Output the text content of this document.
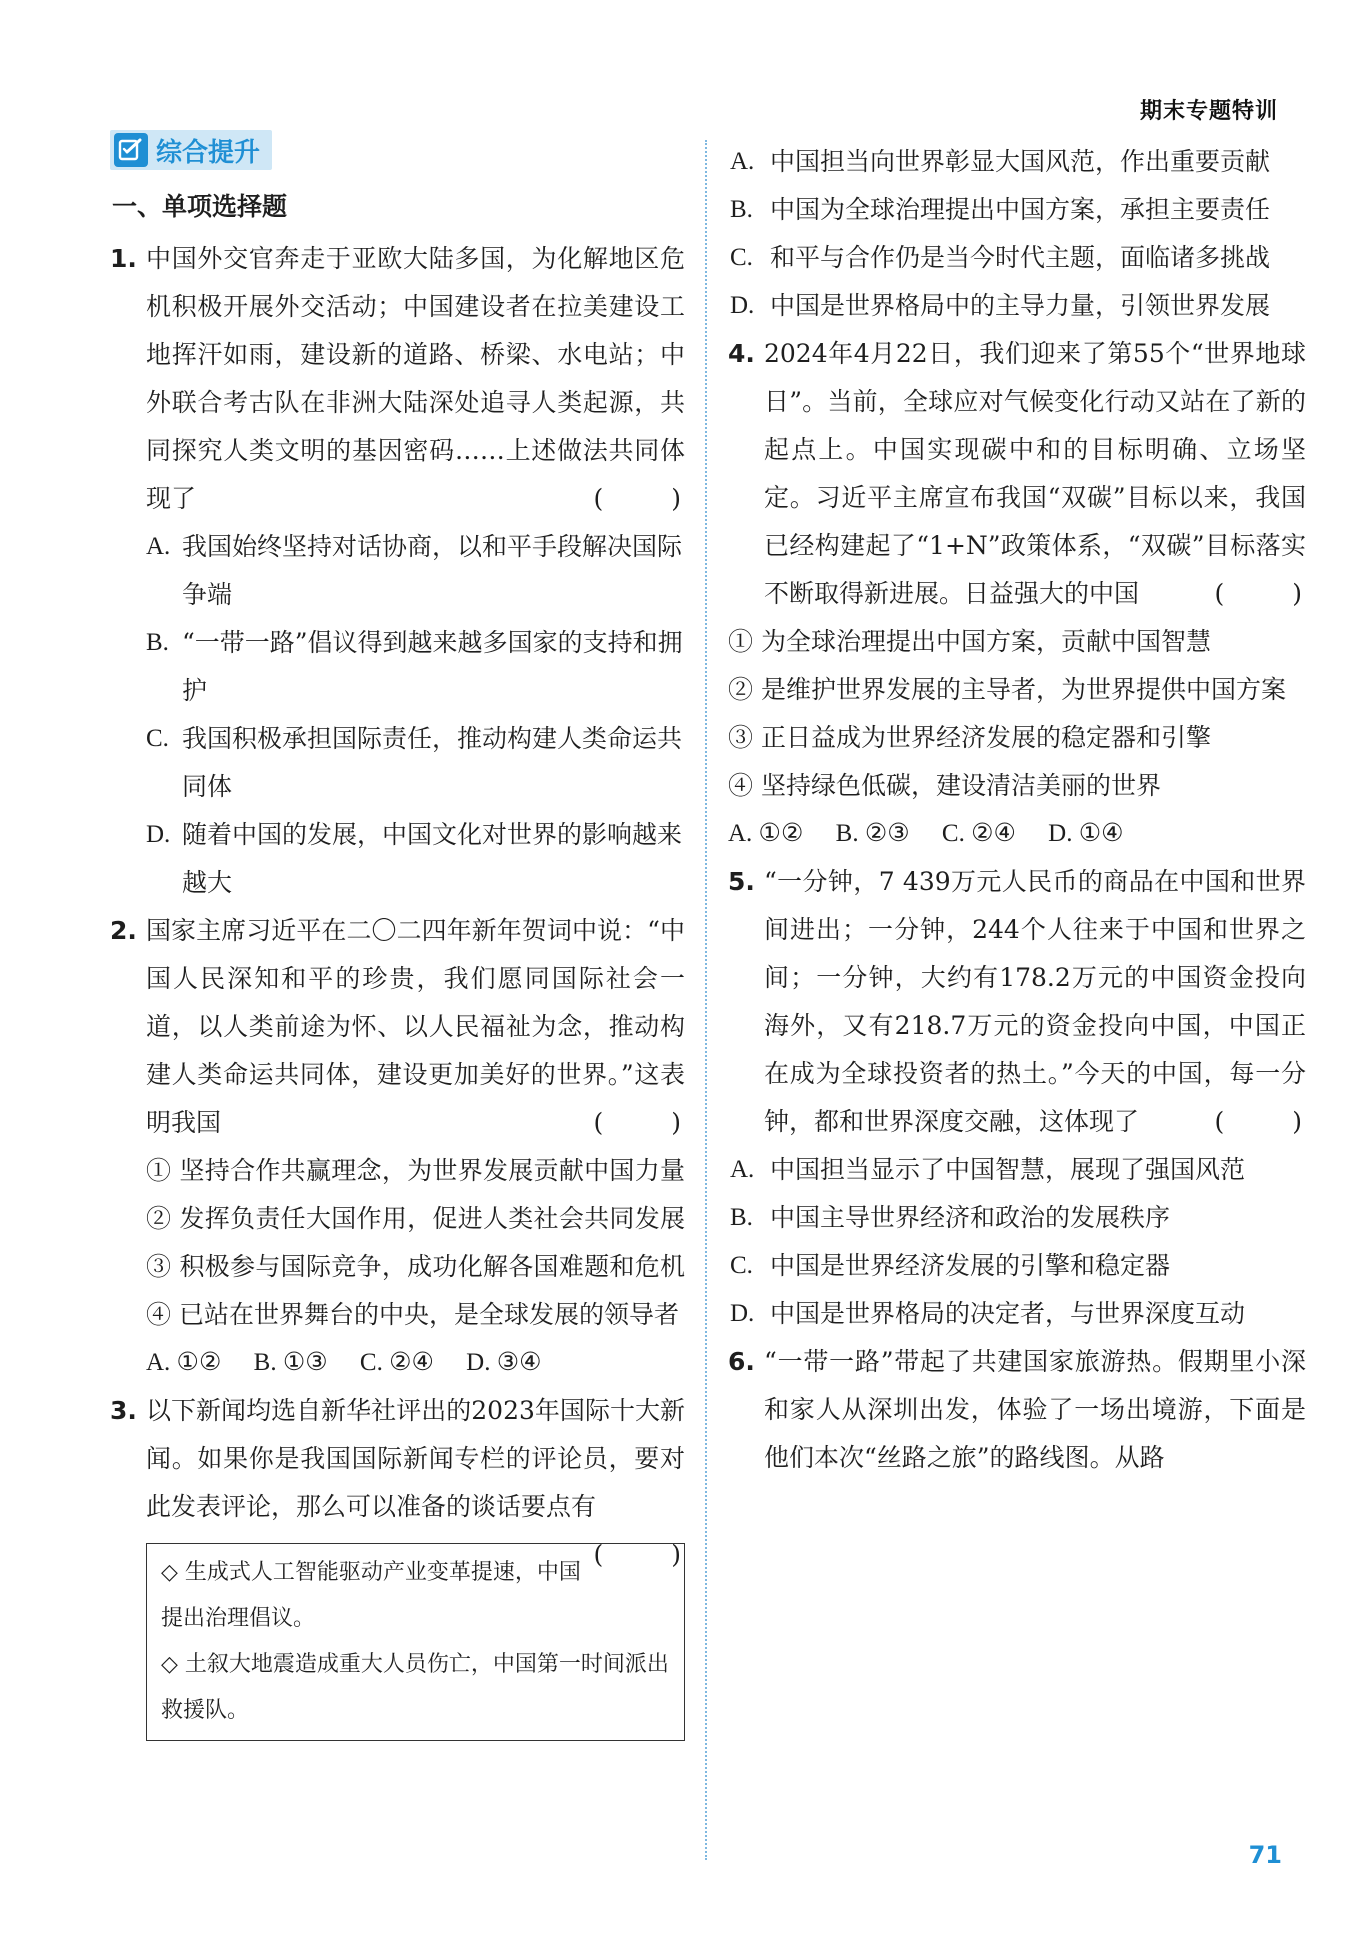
期末专题特训
综合提升
一、单项选择题
1. 中国外交官奔走于亚欧大陆多国，为化解地区危机积极开展外交活动；中国建设者在拉美建设工地挥汗如雨，建设新的道路、桥梁、水电站；中外联合考古队在非洲大陆深处追寻人类起源，共同探究人类文明的基因密码……上述做法共同体现了	( )
A. 我国始终坚持对话协商，以和平手段解决国际争端
B. “一带一路”倡议得到越来越多国家的支持和拥护
C. 我国积极承担国际责任，推动构建人类命运共同体
D. 随着中国的发展，中国文化对世界的影响越来越大
2. 国家主席习近平在二〇二四年新年贺词中说：“中国人民深知和平的珍贵，我们愿同国际社会一道，以人类前途为怀、以人民福祉为念，推动构建人类命运共同体，建设更加美好的世界。”这表明我国	( )
① 坚持合作共赢理念，为世界发展贡献中国力量　② 发挥负责任大国作用，促进人类社会共同发展　③ 积极参与国际竞争，成功化解各国难题和危机　④ 已站在世界舞台的中央，是全球发展的领导者
A. ①② B. ①③ C. ②④ D. ③④
3. 以下新闻均选自新华社评出的2023年国际十大新闻。如果你是我国国际新闻专栏的评论员，要对此发表评论，那么可以准备的谈话要点有
( )
◇ 生成式人工智能驱动产业变革提速，中国提出治理倡议。
◇ 土叙大地震造成重大人员伤亡，中国第一时间派出救援队。
A. 中国担当向世界彰显大国风范，作出重要贡献
B. 中国为全球治理提出中国方案，承担主要责任
C. 和平与合作仍是当今时代主题，面临诸多挑战
D. 中国是世界格局中的主导力量，引领世界发展
4. 2024年4月22日，我们迎来了第55个“世界地球日”。当前，全球应对气候变化行动又站在了新的起点上。中国实现碳中和的目标明确、立场坚定。习近平主席宣布我国“双碳”目标以来，我国已经构建起了“1+N”政策体系，“双碳”目标落实不断取得新进展。日益强大的中国	( )
① 为全球治理提出中国方案，贡献中国智慧
② 是维护世界发展的主导者，为世界提供中国方案
③ 正日益成为世界经济发展的稳定器和引擎
④ 坚持绿色低碳，建设清洁美丽的世界
A. ①② B. ②③ C. ②④ D. ①④
5. “一分钟，7 439万元人民币的商品在中国和世界间进出；一分钟，244个人往来于中国和世界之间；一分钟，大约有178.2万元的中国资金投向海外，又有218.7万元的资金投向中国，中国正在成为全球投资者的热土。”今天的中国，每一分钟，都和世界深度交融，这体现了	( )
A. 中国担当显示了中国智慧，展现了强国风范
B. 中国主导世界经济和政治的发展秩序
C. 中国是世界经济发展的引擎和稳定器
D. 中国是世界格局的决定者，与世界深度互动
6. “一带一路”带起了共建国家旅游热。假期里小深和家人从深圳出发，体验了一场出境游，下面是他们本次“丝路之旅”的路线图。从路
71
